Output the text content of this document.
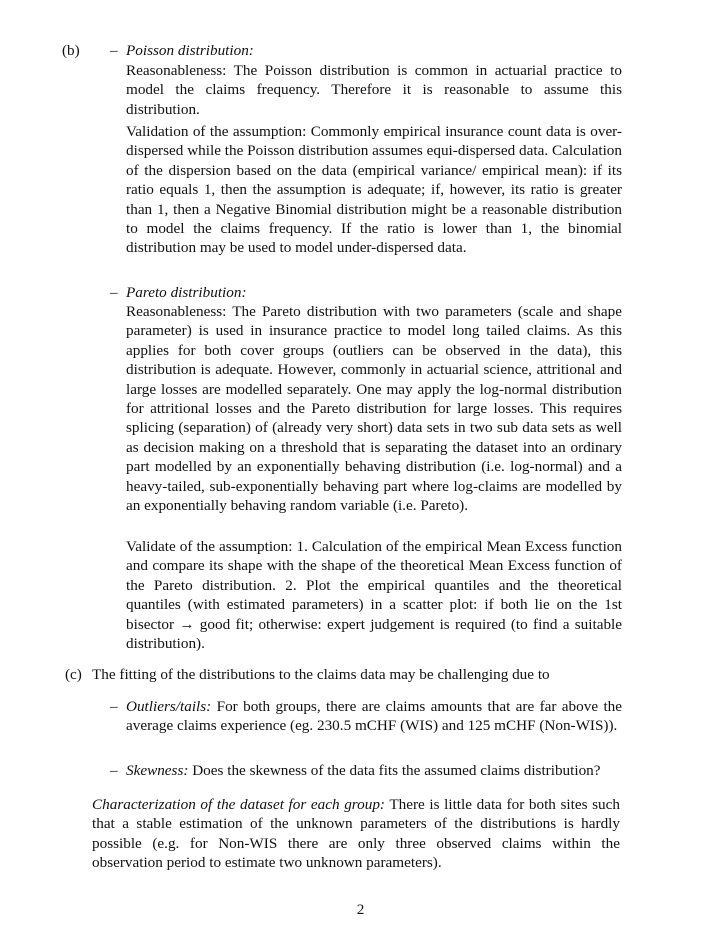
(b) – Poisson distribution:
Reasonableness: The Poisson distribution is common in actuarial practice to model the claims frequency. Therefore it is reasonable to assume this distribution.
Validation of the assumption: Commonly empirical insurance count data is over-dispersed while the Poisson distribution assumes equi-dispersed data. Calculation of the dispersion based on the data (empirical variance/ empirical mean): if its ratio equals 1, then the assumption is adequate; if, however, its ratio is greater than 1, then a Negative Binomial distribution might be a reasonable distribution to model the claims frequency. If the ratio is lower than 1, the binomial distribution may be used to model under-dispersed data.
– Pareto distribution:
Reasonableness: The Pareto distribution with two parameters (scale and shape parameter) is used in insurance practice to model long tailed claims. As this applies for both cover groups (outliers can be observed in the data), this distribution is adequate. However, commonly in actuarial science, attritional and large losses are modelled separately. One may apply the log-normal distribution for attritional losses and the Pareto distribution for large losses. This requires splicing (separation) of (already very short) data sets in two sub data sets as well as decision making on a threshold that is separating the dataset into an ordinary part modelled by an exponentially behaving distribution (i.e. log-normal) and a heavy-tailed, sub-exponentially behaving part where log-claims are modelled by an exponentially behaving random variable (i.e. Pareto).
Validate of the assumption: 1. Calculation of the empirical Mean Excess function and compare its shape with the shape of the theoretical Mean Excess function of the Pareto distribution. 2. Plot the empirical quantiles and the theoretical quantiles (with estimated parameters) in a scatter plot: if both lie on the 1st bisector → good fit; otherwise: expert judgement is required (to find a suitable distribution).
(c) The fitting of the distributions to the claims data may be challenging due to
– Outliers/tails: For both groups, there are claims amounts that are far above the average claims experience (eg. 230.5 mCHF (WIS) and 125 mCHF (Non-WIS)).
– Skewness: Does the skewness of the data fits the assumed claims distribution?
Characterization of the dataset for each group: There is little data for both sites such that a stable estimation of the unknown parameters of the distributions is hardly possible (e.g. for Non-WIS there are only three observed claims within the observation period to estimate two unknown parameters).
2
